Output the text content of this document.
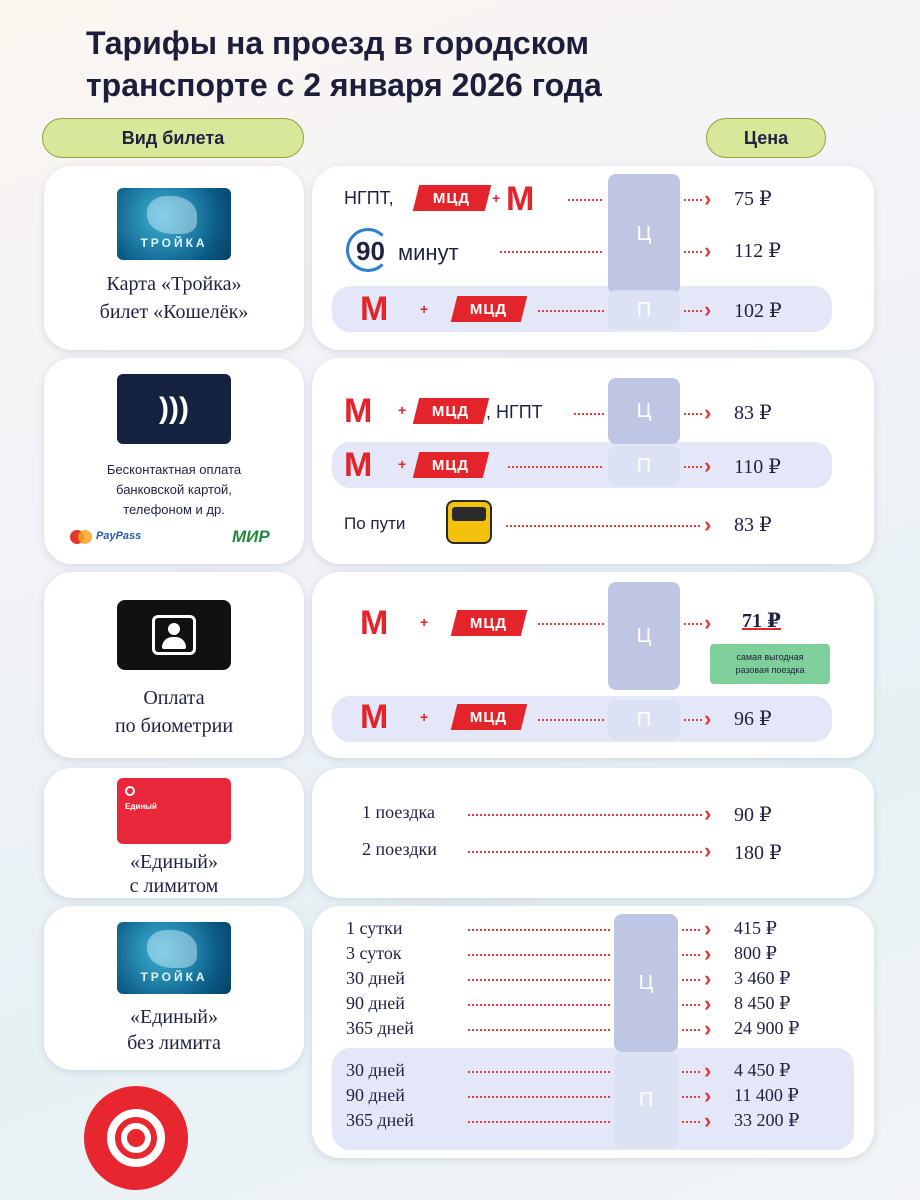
Тарифы на проезд в городском
транспорте с 2 января 2026 года
Вид билета	Цена
ТРОЙКА
Карта «Тройка»
билет «Кошелёк»
Ц
П
НГПТ,	МЦД + М	› 75 ₽
90 минут	› 112 ₽
М +	МЦД	› 102 ₽
)))
Бесконтактная оплата
банковской картой,
телефоном и др.
PayPass	МИР
Ц
П
М + МЦД , НГПТ	› 83 ₽
М + МЦД	› 110 ₽
По пути	› 83 ₽
Оплата
по биометрии
Ц
П
М +	МЦД	› 71 ₽
самая выгодная
разовая поездка
М +	МЦД	› 96 ₽
Единый
«Единый»
с лимитом
1 поездка	› 90 ₽
2 поездки	› 180 ₽
ТРОЙКА
«Единый»
без лимита
Ц
П
1 сутки	› 415 ₽
3 суток	› 800 ₽
30 дней	› 3 460 ₽
90 дней	› 8 450 ₽
365 дней	› 24 900 ₽
30 дней	› 4 450 ₽
90 дней	› 11 400 ₽
365 дней	› 33 200 ₽
